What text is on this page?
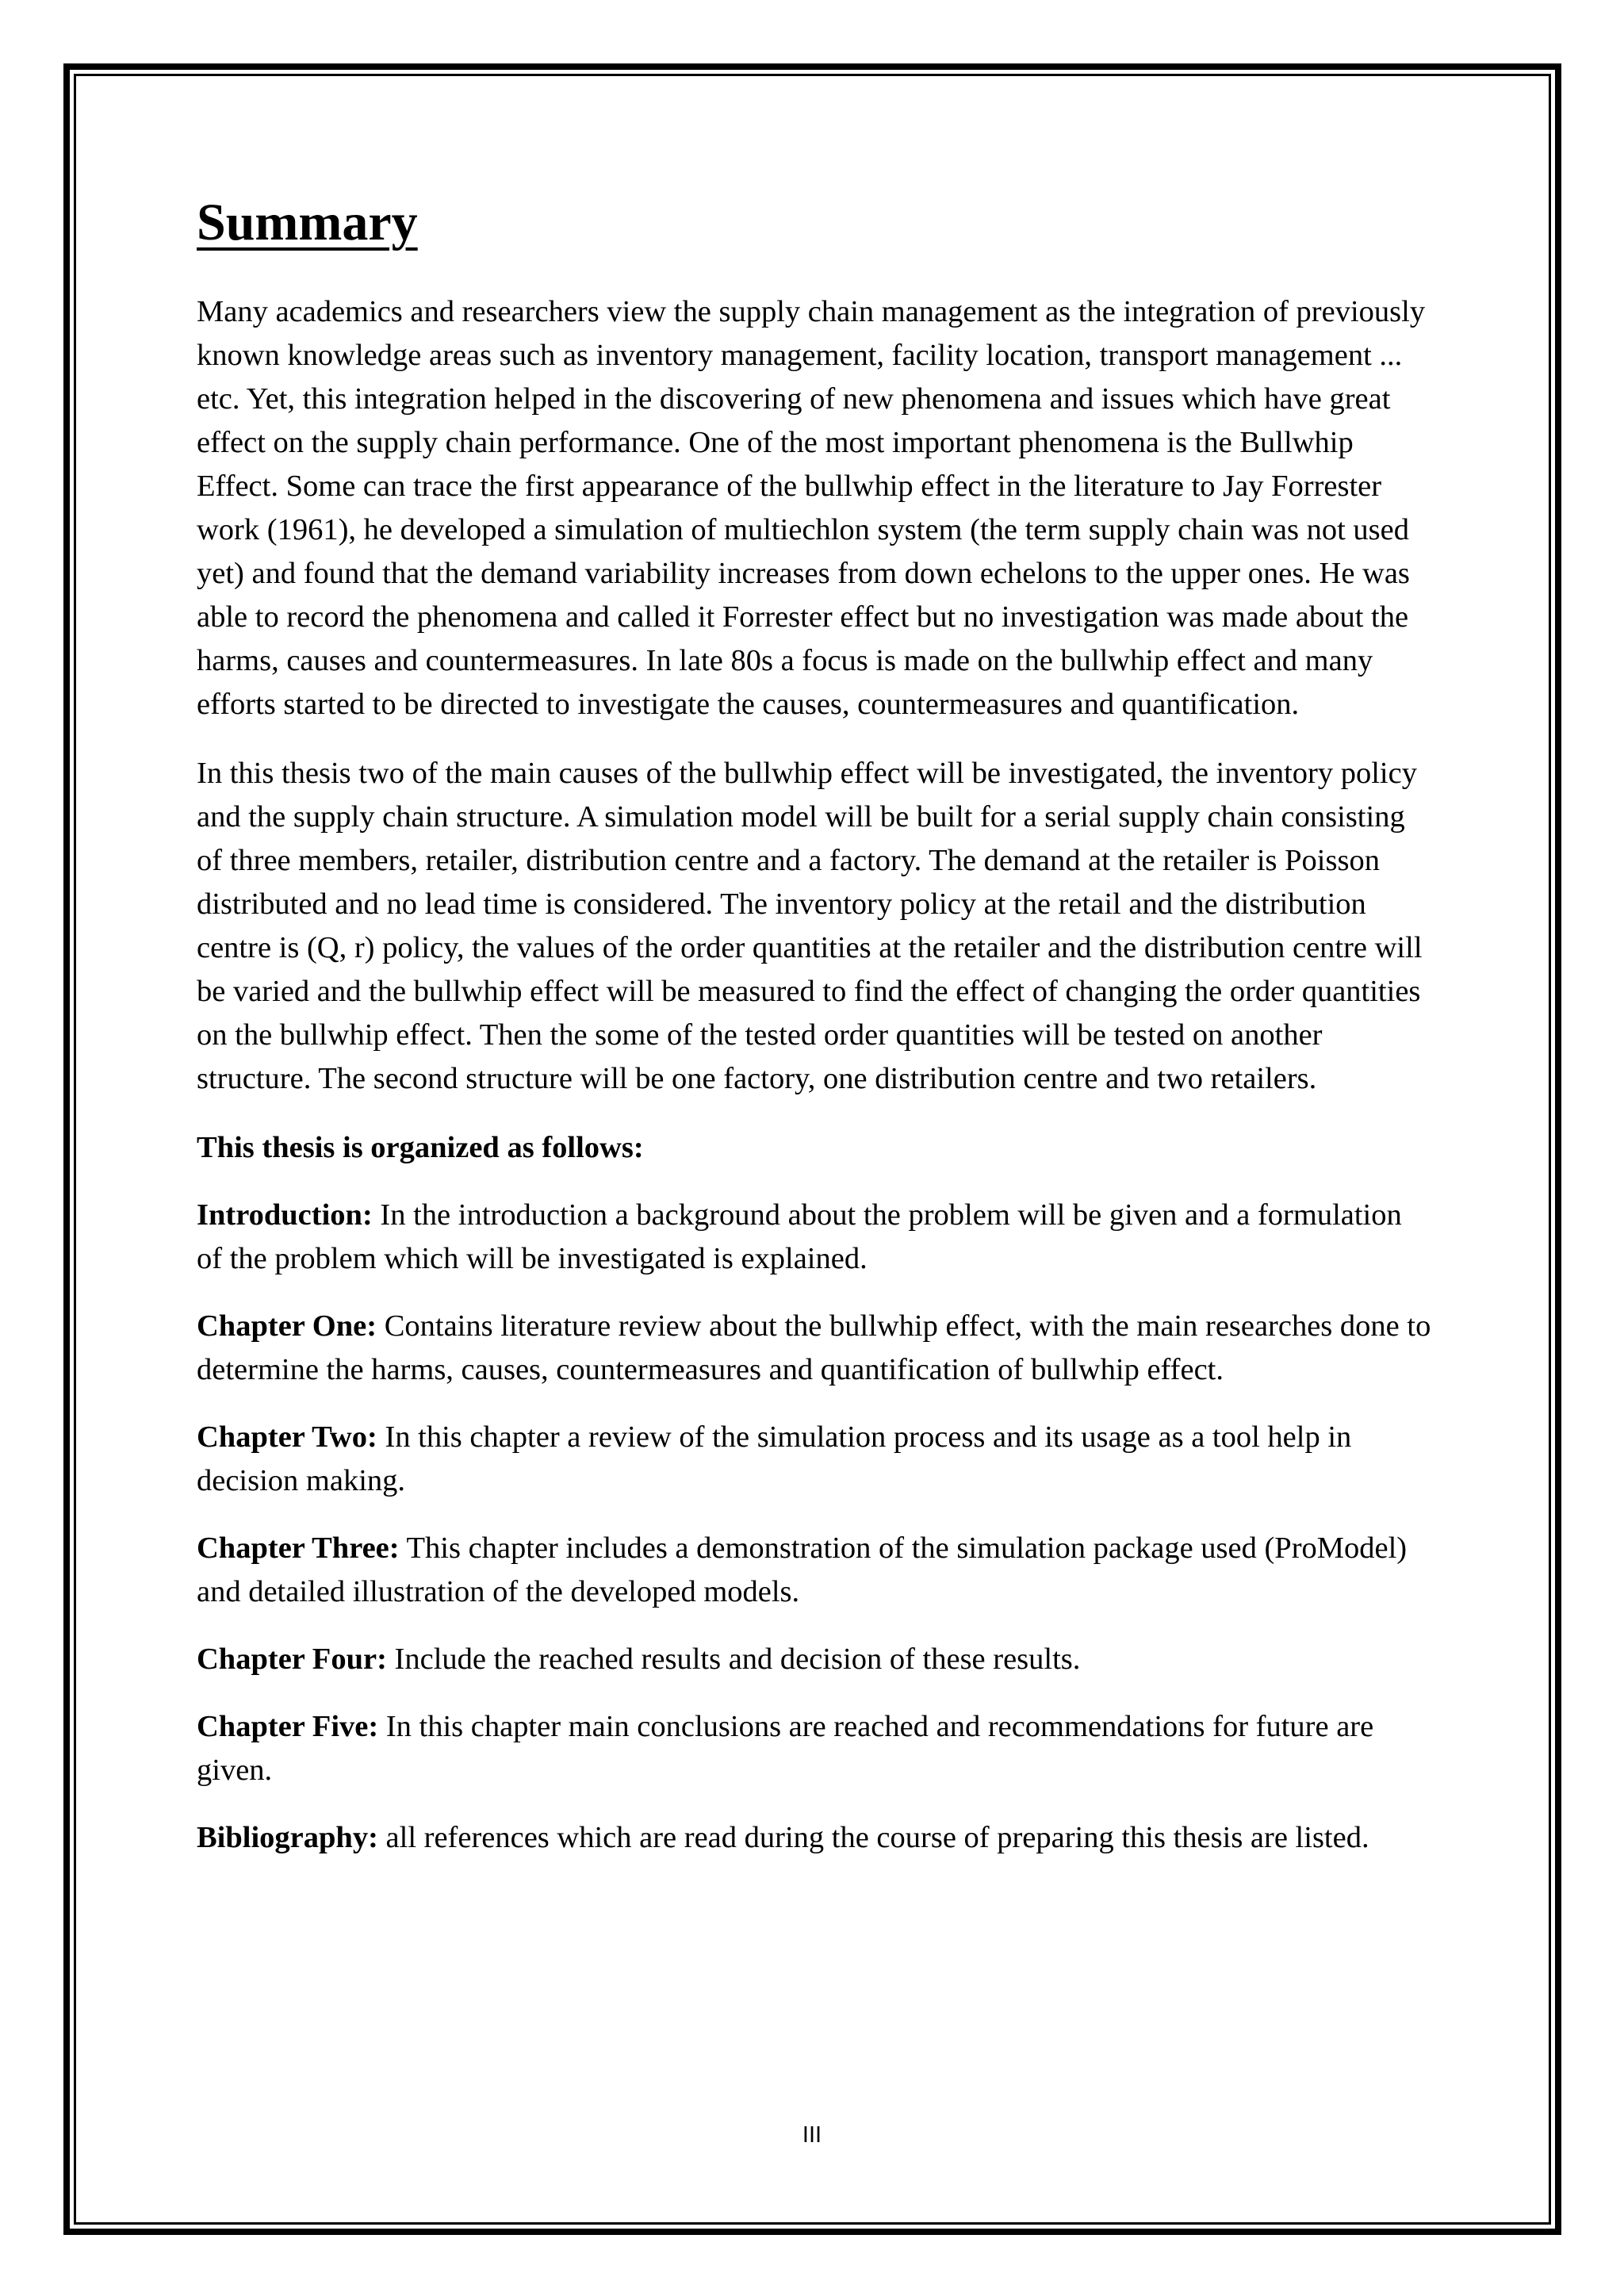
Summary

Many academics and researchers view the supply chain management as the integration of previously known knowledge areas such as inventory management, facility location, transport management ... etc. Yet, this integration helped in the discovering of new phenomena and issues which have great effect on the supply chain performance. One of the most important phenomena is the Bullwhip Effect. Some can trace the first appearance of the bullwhip effect in the literature to Jay Forrester work (1961), he developed a simulation of multiechlon system (the term supply chain was not used yet) and found that the demand variability increases from down echelons to the upper ones. He was able to record the phenomena and called it Forrester effect but no investigation was made about the harms, causes and countermeasures. In late 80s a focus is made on the bullwhip effect and many efforts started to be directed to investigate the causes, countermeasures and quantification.

In this thesis two of the main causes of the bullwhip effect will be investigated, the inventory policy and the supply chain structure. A simulation model will be built for a serial supply chain consisting of three members, retailer, distribution centre and a factory. The demand at the retailer is Poisson distributed and no lead time is considered. The inventory policy at the retail and the distribution centre is (Q, r) policy, the values of the order quantities at the retailer and the distribution centre will be varied and the bullwhip effect will be measured to find the effect of changing the order quantities on the bullwhip effect. Then the some of the tested order quantities will be tested on another structure. The second structure will be one factory, one distribution centre and two retailers.

This thesis is organized as follows:

Introduction: In the introduction a background about the problem will be given and a formulation of the problem which will be investigated is explained.

Chapter One: Contains literature review about the bullwhip effect, with the main researches done to determine the harms, causes, countermeasures and quantification of bullwhip effect.

Chapter Two: In this chapter a review of the simulation process and its usage as a tool help in decision making.

Chapter Three: This chapter includes a demonstration of the simulation package used (ProModel) and detailed illustration of the developed models.

Chapter Four: Include the reached results and decision of these results.

Chapter Five: In this chapter main conclusions are reached and recommendations for future are given.

Bibliography: all references which are read during the course of preparing this thesis are listed.

III
